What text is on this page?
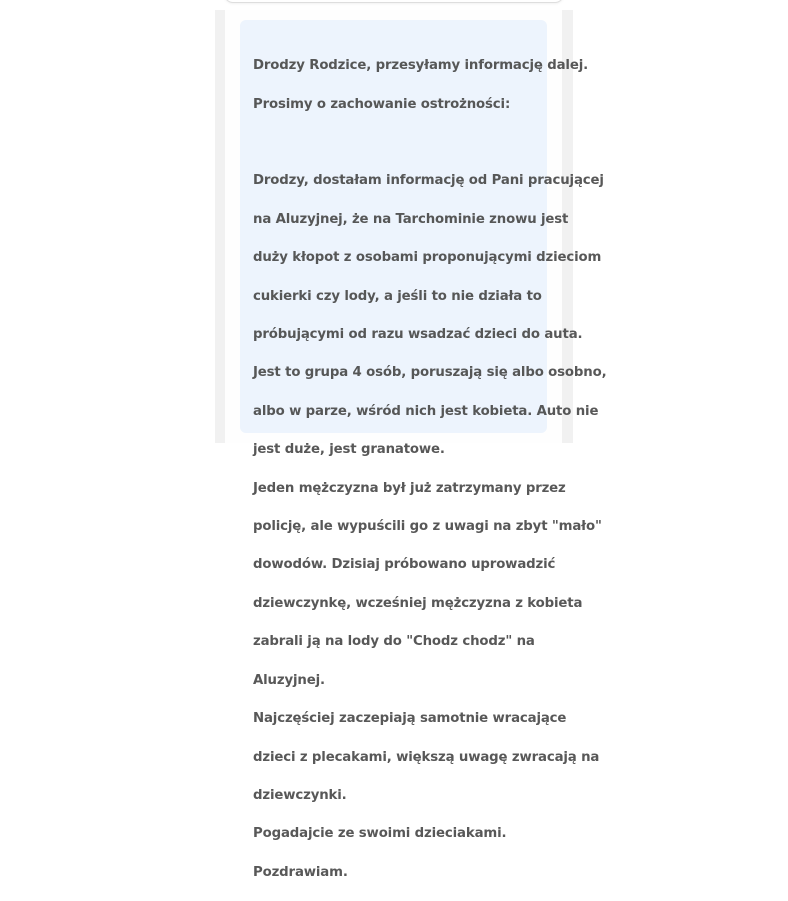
Drodzy Rodzice, przesyłamy informację dalej.

Prosimy o zachowanie ostrożności:

Drodzy, dostałam informację od Pani pracującej

na Aluzyjnej, że na Tarchominie znowu jest

duży kłopot z osobami proponującymi dzieciom

cukierki czy lody, a jeśli to nie działa to

próbującymi od razu wsadzać dzieci do auta.

Jest to grupa 4 osób, poruszają się albo osobno,

albo w parze, wśród nich jest kobieta. Auto nie

jest duże, jest granatowe.

Jeden mężczyzna był już zatrzymany przez

policję, ale wypuścili go z uwagi na zbyt "mało"

dowodów. Dzisiaj próbowano uprowadzić

dziewczynkę, wcześniej mężczyzna z kobieta

zabrali ją na lody do "Chodz chodz" na

Aluzyjnej.

Najczęściej zaczepiają samotnie wracające

dzieci z plecakami, większą uwagę zwracają na

dziewczynki.

Pogadajcie ze swoimi dzieciakami.

Pozdrawiam.
